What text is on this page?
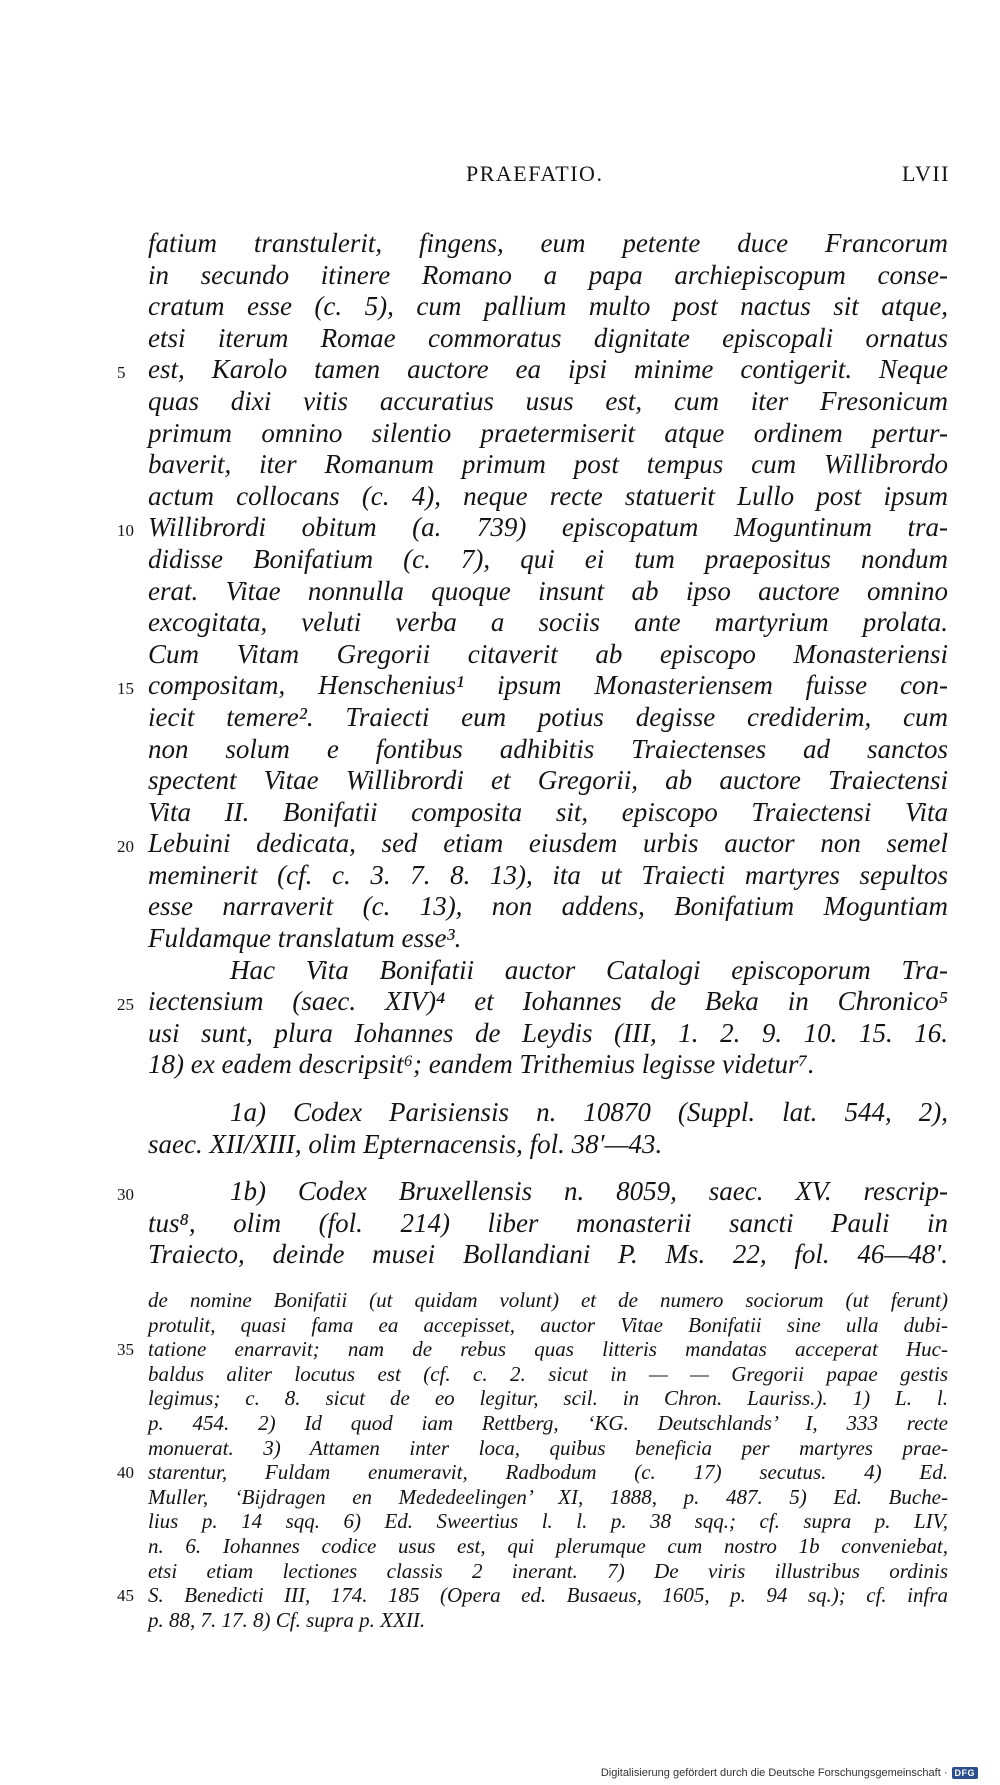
PRAEFATIO.	LVII
fatium transtulerit, fingens, eum petente duce Francorum
in secundo itinere Romano a papa archiepiscopum conse-
cratum esse (c. 5), cum pallium multo post nactus sit atque,
etsi iterum Romae commoratus dignitate episcopali ornatus
5 est, Karolo tamen auctore ea ipsi minime contigerit. Neque
quas dixi vitis accuratius usus est, cum iter Fresonicum
primum omnino silentio praetermiserit atque ordinem pertur-
baverit, iter Romanum primum post tempus cum Willibrordo
actum collocans (c. 4), neque recte statuerit Lullo post ipsum
10 Willibrordi obitum (a. 739) episcopatum Moguntinum tra-
didisse Bonifatium (c. 7), qui ei tum praepositus nondum
erat. Vitae nonnulla quoque insunt ab ipso auctore omnino
excogitata, veluti verba a sociis ante martyrium prolata.
Cum Vitam Gregorii citaverit ab episcopo Monasteriensi
15 compositam, Henschenius¹ ipsum Monasteriensem fuisse con-
iecit temere². Traiecti eum potius degisse crediderim, cum
non solum e fontibus adhibitis Traiectenses ad sanctos
spectent Vitae Willibrordi et Gregorii, ab auctore Traiectensi
Vita II. Bonifatii composita sit, episcopo Traiectensi Vita
20 Lebuini dedicata, sed etiam eiusdem urbis auctor non semel
meminerit (cf. c. 3. 7. 8. 13), ita ut Traiecti martyres sepultos
esse narraverit (c. 13), non addens, Bonifatium Moguntiam
Fuldamque translatum esse³.
Hac Vita Bonifatii auctor Catalogi episcoporum Tra-
25 iectensium (saec. XIV)⁴ et Iohannes de Beka in Chronico⁵
usi sunt, plura Iohannes de Leydis (III, 1. 2. 9. 10. 15. 16.
18) ex eadem descripsit⁶; eandem Trithemius legisse videtur⁷.
1a) Codex Parisiensis n. 10870 (Suppl. lat. 544, 2),
saec. XII/XIII, olim Epternacensis, fol. 38′—43.
30	1b) Codex Bruxellensis n. 8059, saec. XV. rescrip-
tus⁸, olim (fol. 214) liber monasterii sancti Pauli in
Traiecto, deinde musei Bollandiani P. Ms. 22, fol. 46—48′.
de nomine Bonifatii (ut quidam volunt) et de numero sociorum (ut ferunt)
protulit, quasi fama ea accepisset, auctor Vitae Bonifatii sine ulla dubi-
35 tatione enarravit; nam de rebus quas litteris mandatas acceperat Huc-
baldus aliter locutus est (cf. c. 2. sicut in — — Gregorii papae gestis
legimus; c. 8. sicut de eo legitur, scil. in Chron. Lauriss.). 1) L. l.
p. 454. 2) Id quod iam Rettberg, ‘KG. Deutschlands’ I, 333 recte
monuerat. 3) Attamen inter loca, quibus beneficia per martyres prae-
40 starentur, Fuldam enumeravit, Radbodum (c. 17) secutus. 4) Ed.
Muller, ‘Bijdragen en Mededeelingen’ XI, 1888, p. 487. 5) Ed. Buche-
lius p. 14 sqq. 6) Ed. Sweertius l. l. p. 38 sqq.; cf. supra p. LIV,
n. 6. Iohannes codice usus est, qui plerumque cum nostro 1b conveniebat,
etsi etiam lectiones classis 2 inerant. 7) De viris illustribus ordinis
45 S. Benedicti III, 174. 185 (Opera ed. Busaeus, 1605, p. 94 sq.); cf. infra
p. 88, 7. 17. 8) Cf. supra p. XXII.
Digitalisierung gefördert durch die Deutsche Forschungsgemeinschaft · DFG
